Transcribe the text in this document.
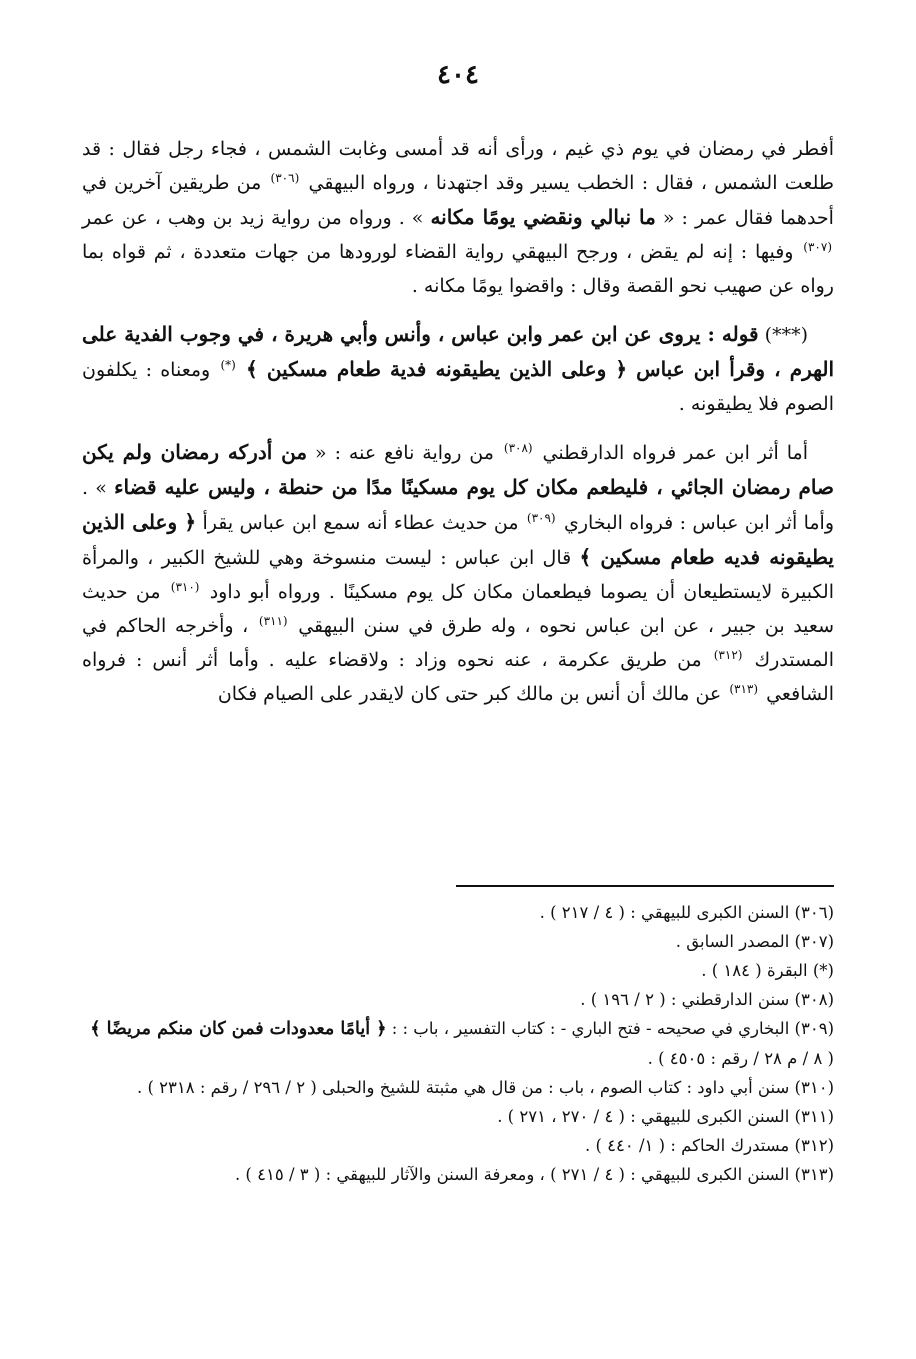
٤٠٤

أفطر في رمضان في يوم ذي غيم ، ورأى أنه قد أمسى وغابت الشمس ، فجاء رجل فقال : قد طلعت الشمس ، فقال : الخطب يسير وقد اجتهدنا ، ورواه البيهقي $^{(٣٠٦)}$ من طريقين آخرين في أحدهما فقال عمر : « ما نبالي ونقضي يومًا مكانه » . ورواه من رواية زيد بن وهب ، عن عمر $^{(٣٠٧)}$ وفيها : إنه لم يقض ، ورجح البيهقي رواية القضاء لورودها من جهات متعددة ، ثم قواه بما رواه عن صهيب نحو القصة وقال : واقضوا يومًا مكانه .

(***) قوله : يروى عن ابن عمر وابن عباس ، وأنس وأبي هريرة ، في وجوب الفدية على الهرم ، وقرأ ابن عباس ﴿ وعلى الذين يطيقونه فدية طعام مسكين ﴾ (*) ومعناه : يكلفون الصوم فلا يطيقونه .

أما أثر ابن عمر فرواه الدارقطني $^{(٣٠٨)}$ من رواية نافع عنه : « من أدركه رمضان ولم يكن صام رمضان الجائي ، فليطعم مكان كل يوم مسكينًا مدًا من حنطة ، وليس عليه قضاء » . وأما أثر ابن عباس : فرواه البخاري $^{(٣٠٩)}$ من حديث عطاء أنه سمع ابن عباس يقرأ ﴿ وعلى الذين يطيقونه فديه طعام مسكين ﴾ قال ابن عباس : ليست منسوخة وهي للشيخ الكبير ، والمرأة الكبيرة لايستطيعان أن يصوما فيطعمان مكان كل يوم مسكينًا . ورواه أبو داود $^{(٣١٠)}$ من حديث سعيد بن جبير ، عن ابن عباس نحوه ، وله طرق في سنن البيهقي $^{(٣١١)}$ ، وأخرجه الحاكم في المستدرك $^{(٣١٢)}$ من طريق عكرمة ، عنه نحوه وزاد : ولاقضاء عليه . وأما أثر أنس : فرواه الشافعي $^{(٣١٣)}$ عن مالك أن أنس بن مالك كبر حتى كان لايقدر على الصيام فكان

(٣٠٦) السنن الكبرى للبيهقي : ( ٤ / ٢١٧ ) .

(٣٠٧) المصدر السابق .

(*) البقرة ( ١٨٤ ) .

(٣٠٨) سنن الدارقطني : ( ٢ / ١٩٦ ) .

(٣٠٩) البخاري في صحيحه - فتح الباري - : كتاب التفسير ، باب : : ﴿ أيامًا معدودات فمن كان منكم مريضًا ﴾ ( ٨ / م ٢٨ / رقم : ٤٥٠٥ ) .

(٣١٠) سنن أبي داود : كتاب الصوم ، باب : من قال هي مثبتة للشيخ والحبلى ( ٢ / ٢٩٦ / رقم : ٢٣١٨ ) .

(٣١١) السنن الكبرى للبيهقي : ( ٤ / ٢٧٠ ، ٢٧١ ) .

(٣١٢) مستدرك الحاكم : ( ١/ ٤٤٠ ) .

(٣١٣) السنن الكبرى للبيهقي : ( ٤ / ٢٧١ ) ، ومعرفة السنن والآثار للبيهقي : ( ٣ / ٤١٥ ) .
